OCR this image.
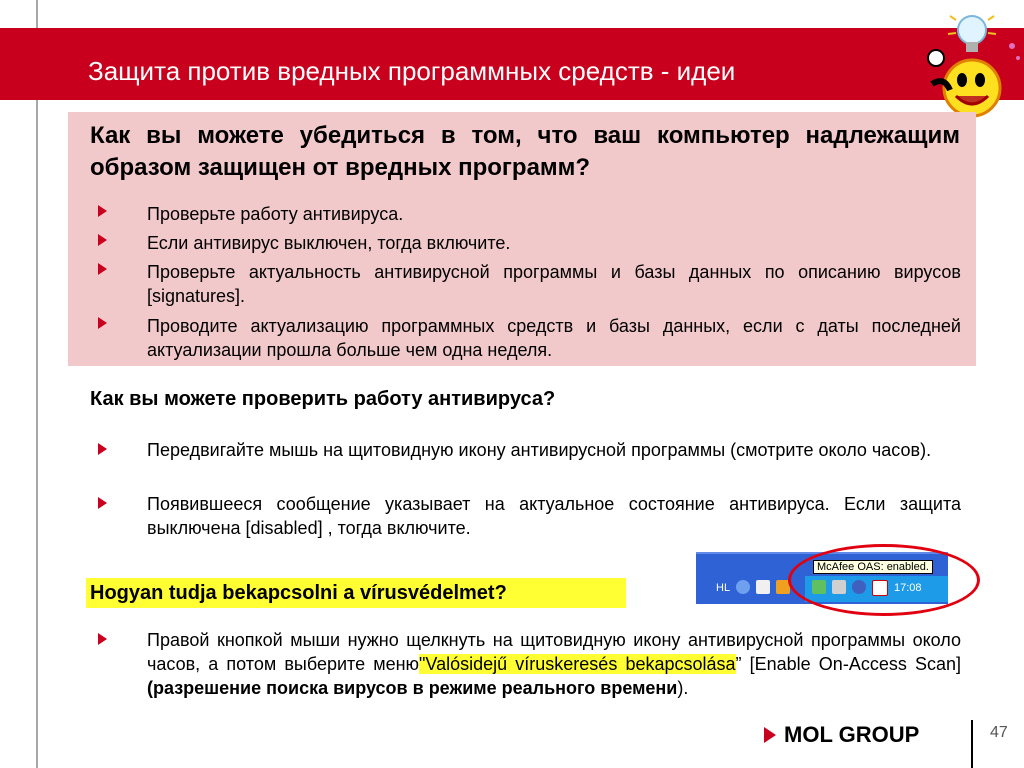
Защита против вредных программных средств - идеи
Как вы можете убедиться в том, что ваш компьютер надлежащим образом защищен от вредных программ?
Проверьте работу антивируса.
Если антивирус выключен, тогда включите.
Проверьте актуальность антивирусной программы и базы данных по описанию вирусов [signatures].
Проводите актуализацию программных средств и базы данных, если с даты последней актуализации прошла больше чем одна неделя.
Как вы можете проверить работу антивируса?
Передвигайте мышь на щитовидную икону антивирусной программы (смотрите около часов).
Появившееся сообщение указывает на актуальное состояние антивируса. Если защита выключена [disabled] , тогда включите.
HL	17:08
McAfee OAS: enabled.
Hogyan tudja bekapcsolni a vírusvédelmet?
Правой кнопкой мыши нужно щелкнуть на щитовидную икону антивирусной программы около часов, а потом выберите меню"Valósidejű víruskeresés bekapcsolása” [Enable On-Access Scan] (разрешение поиска вирусов в режиме реального времени).
MOL GROUP	47
